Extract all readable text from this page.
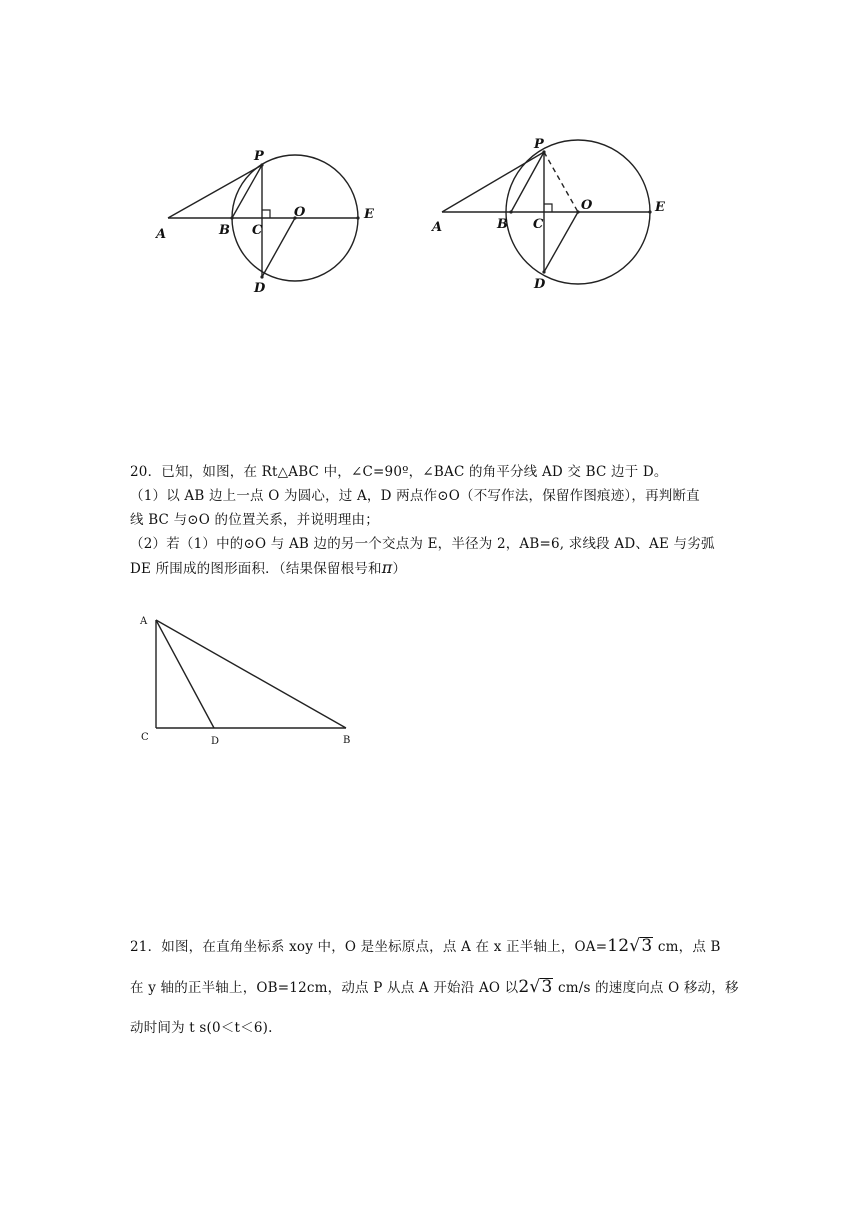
P
A	B C
O	E
D
P
A	B C
O	E
D

20．已知，如图，在 Rt△ABC 中，∠C=90º，∠BAC 的角平分线 AD 交 BC 边于 D。

（1）以 AB 边上一点 O 为圆心，过 A，D 两点作⊙O（不写作法，保留作图痕迹），再判断直

线 BC 与⊙O 的位置关系，并说明理由；

（2）若（1）中的⊙O 与 AB 边的另一个交点为 E，半径为 2，AB=6, 求线段 AD、AE 与劣弧

DE 所围成的图形面积．（结果保留根号和π）

A
C	D	B

21．如图，在直角坐标系 xoy 中，O 是坐标原点，点 A 在 x 正半轴上，OA=12√3 cm，点 B

在 y 轴的正半轴上，OB=12cm，动点 P 从点 A 开始沿 AO 以2√3 cm/s 的速度向点 O 移动，移

动时间为 t s(0＜t＜6).
